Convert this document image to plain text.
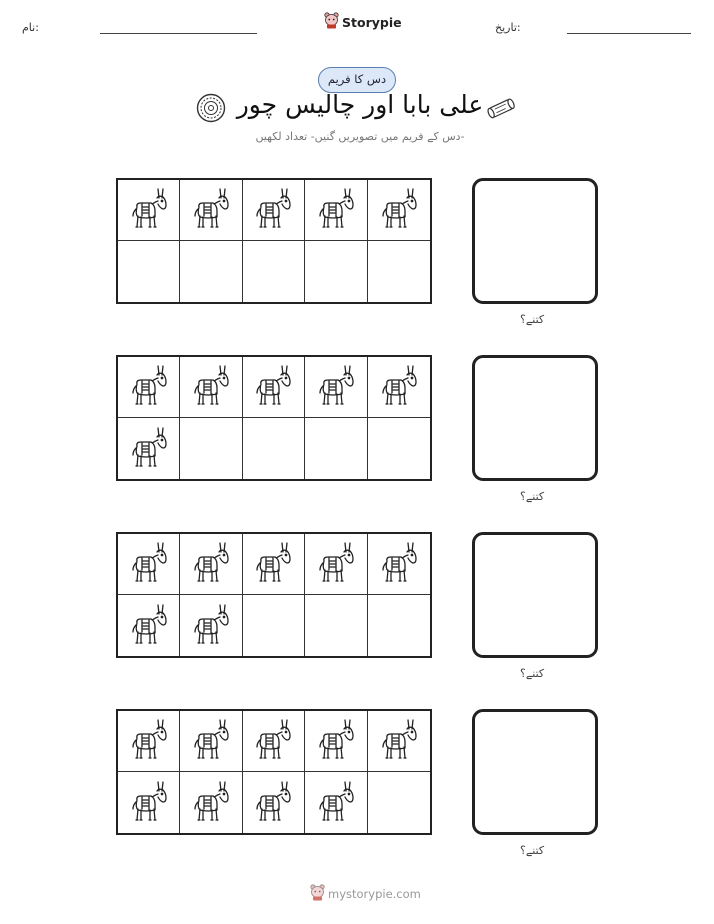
نام:	Storypie	تاریخ:
دس کا فریم
علی بابا اور چالیس چور
دس کے فریم میں تصویریں گنیں- تعداد لکھیں-
کتنے؟
کتنے؟
کتنے؟
کتنے؟
mystorypie.com
